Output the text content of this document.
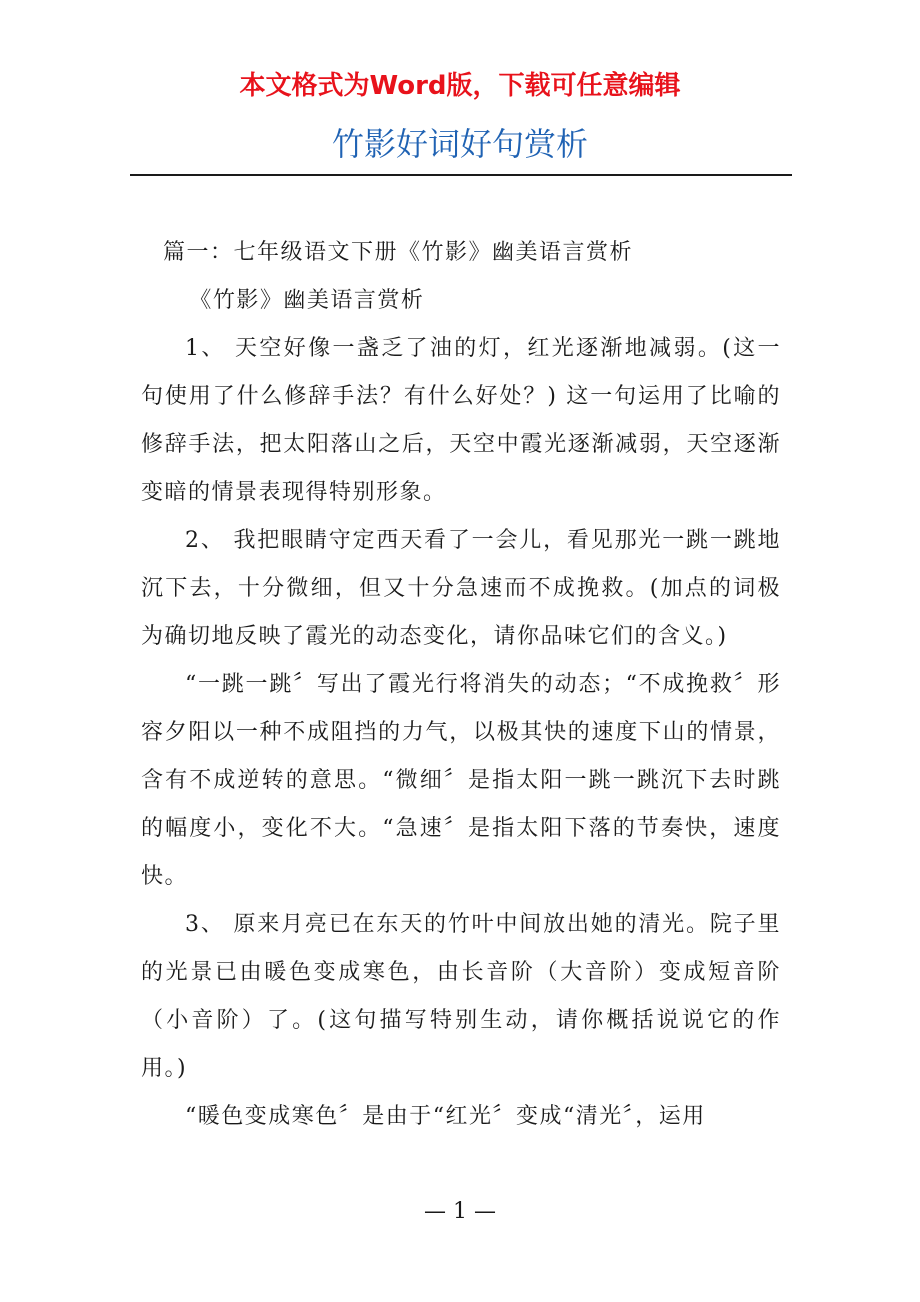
本文格式为Word版，下载可任意编辑
竹影好词好句赏析

篇一：七年级语文下册《竹影》幽美语言赏析

《竹影》幽美语言赏析

1、 天空好像一盏乏了油的灯，红光逐渐地减弱。(这一句使用了什么修辞手法？有什么好处？) 这一句运用了比喻的修辞手法，把太阳落山之后，天空中霞光逐渐减弱，天空逐渐变暗的情景表现得特别形象。

2、 我把眼睛守定西天看了一会儿，看见那光一跳一跳地沉下去，十分微细，但又十分急速而不成挽救。(加点的词极为确切地反映了霞光的动态变化，请你品味它们的含义。)

“一跳一跳〞写出了霞光行将消失的动态；“不成挽救〞形容夕阳以一种不成阻挡的力气，以极其快的速度下山的情景，含有不成逆转的意思。“微细〞是指太阳一跳一跳沉下去时跳的幅度小，变化不大。“急速〞是指太阳下落的节奏快，速度快。

3、 原来月亮已在东天的竹叶中间放出她的清光。院子里的光景已由暖色变成寒色，由长音阶（大音阶）变成短音阶（小音阶）了。(这句描写特别生动，请你概括说说它的作用。)

“暖色变成寒色〞是由于“红光〞变成“清光〞，运用

— 1 —
